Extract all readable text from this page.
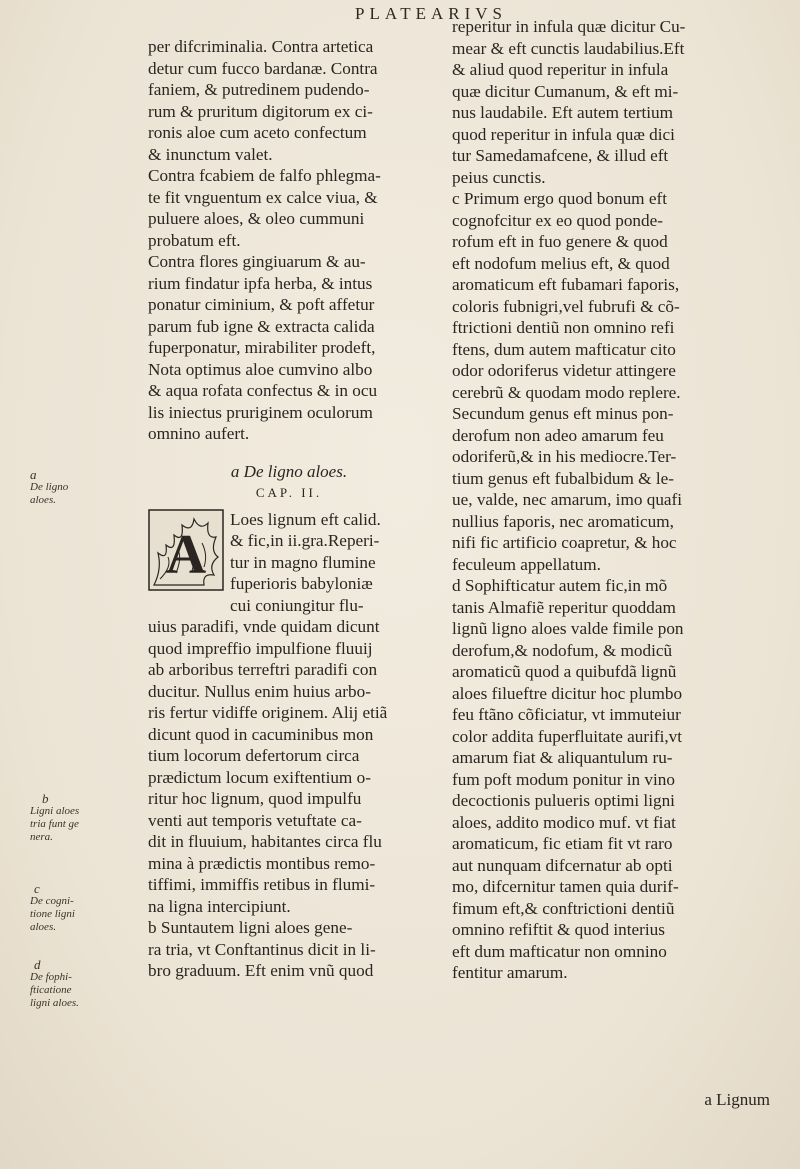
PLATEARIVS
per difcriminalia. Contra artetica
detur cum fucco bardanæ. Contra
faniem, & putredinem pudendo-
rum & pruritum digitorum ex ci-
ronis aloe cum aceto confectum
& inunctum valet.
Contra fcabiem de falfo phlegma-
te fit vnguentum ex calce viua, &
puluere aloes, & oleo cummuni
probatum eft.
Contra flores gingiuarum & au-
rium findatur ipfa herba, & intus
ponatur ciminium, & poft affetur
parum fub igne & extracta calida
fuperponatur, mirabiliter prodeft,
Nota optimus aloe cumvino albo
& aqua rofata confectus & in ocu
lis iniectus pruriginem oculorum
omnino aufert.
a De ligno aloes.
CAP. II.
A
Loes lignum eft calid.
& fic,in ii.gra.Reperi-
tur in magno flumine
fuperioris babyloniæ
cui coniungitur flu-
uius paradifi, vnde quidam dicunt
quod impreffio impulfione fluuij
ab arboribus terreftri paradifi con
ducitur. Nullus enim huius arbo-
ris fertur vidiffe originem. Alij etiã
dicunt quod in cacuminibus mon
tium locorum defertorum circa
prædictum locum exiftentium o-
ritur hoc lignum, quod impulfu
venti aut temporis vetuftate ca-
dit in fluuium, habitantes circa flu
mina à prædictis montibus remo-
tiffimi, immiffis retibus in flumi-
na ligna intercipiunt.
b Suntautem ligni aloes gene-
ra tria, vt Conftantinus dicit in li-
bro graduum. Eft enim vnũ quod
a
De ligno aloes.
b
Ligni aloes tria funt ge nera.
c
De cogni- tione ligni aloes.
d
De fophi- fticatione ligni aloes.
reperitur in infula quæ dicitur Cu-
mear & eft cunctis laudabilius.Eft
& aliud quod reperitur in infula
quæ dicitur Cumanum, & eft mi-
nus laudabile. Eft autem tertium
quod reperitur in infula quæ dici
tur Samedamafcene, & illud eft
peius cunctis.
c Primum ergo quod bonum eft
cognofcitur ex eo quod ponde-
rofum eft in fuo genere & quod
eft nodofum melius eft, & quod
aromaticum eft fubamari faporis,
coloris fubnigri,vel fubrufi & cõ-
ftrictioni dentiũ non omnino refi
ftens, dum autem mafticatur cito
odor odoriferus videtur attingere
cerebrũ & quodam modo replere.
Secundum genus eft minus pon-
derofum non adeo amarum feu
odoriferũ,& in his mediocre.Ter-
tium genus eft fubalbidum & le-
ue, valde, nec amarum, imo quafi
nullius faporis, nec aromaticum,
nifi fic artificio coapretur, & hoc
feculeum appellatum.
d Sophifticatur autem fic,in mõ
tanis Almafiẽ reperitur quoddam
lignũ ligno aloes valde fimile pon
derofum,& nodofum, & modicũ
aromaticũ quod a quibufdã lignũ
aloes filueftre dicitur hoc plumbo
feu ftãno cõficiatur, vt immuteiur
color addita fuperfluitate aurifi,vt
amarum fiat & aliquantulum ru-
fum poft modum ponitur in vino
decoctionis pulueris optimi ligni
aloes, addito modico muf. vt fiat
aromaticum, fic etiam fit vt raro
aut nunquam difcernatur ab opti
mo, difcernitur tamen quia durif-
fimum eft,& conftrictioni dentiũ
omnino refiftit & quod interius
eft dum mafticatur non omnino
fentitur amarum.
a Lignum
